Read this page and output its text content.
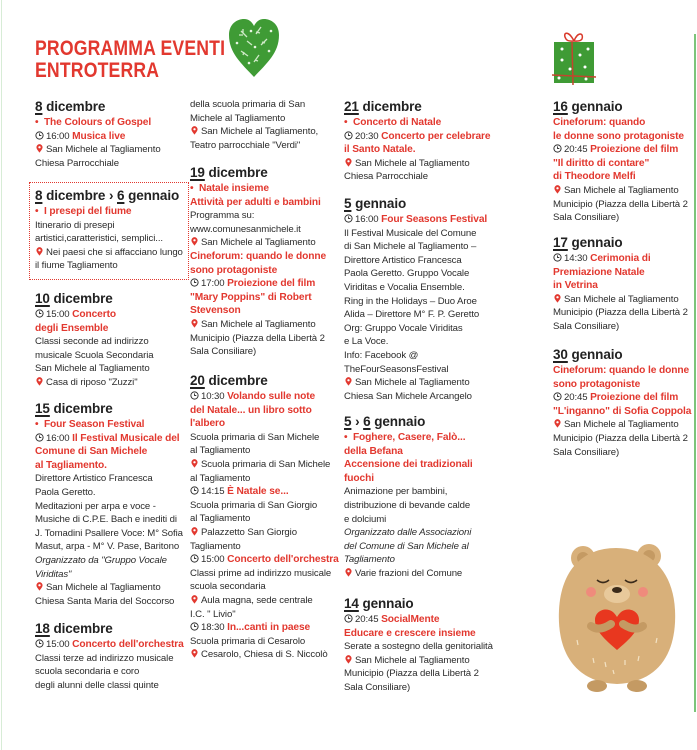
PROGRAMMA EVENTI
ENTROTERRA
8 dicembre
•  The Colours of Gospel
16:00 Musica live
San Michele al Tagliamento
Chiesa Parrocchiale
8 dicembre › 6 gennaio
•  I presepi del fiume
Itinerario di presepi
artistici,caratteristici, semplici...
Nei paesi che si affacciano lungo
il fiume Tagliamento
10 dicembre
15:00 Concerto
degli Ensemble
Classi seconde ad indirizzo
musicale Scuola Secondaria
San Michele al Tagliamento
Casa di riposo "Zuzzi"
15 dicembre
•  Four Season Festival
16:00 Il Festival Musicale del
Comune di San Michele
al Tagliamento.
Direttore Artistico Francesca
Paola Geretto.
Meditazioni per arpa e voce -
Musiche di C.P.E. Bach e inediti di
J. Tomadini Psallere Voce: M° Sofia
Masut, arpa - M° V. Pase, Baritono
Organizzato da "Gruppo Vocale
Viriditas"
San Michele al Tagliamento
Chiesa Santa Maria del Soccorso
18 dicembre
15:00 Concerto dell'orchestra
Classi terze ad indirizzo musicale
scuola secondaria e coro
degli alunni delle classi quinte
della scuola primaria di San
Michele al Tagliamento
San Michele al Tagliamento,
Teatro parrocchiale "Verdi"
19 dicembre
•  Natale insieme
Attività per adulti e bambini
Programma su:
www.comunesanmichele.it
San Michele al Tagliamento
Cineforum: quando le donne
sono protagoniste
17:00 Proiezione del film
"Mary Poppins" di Robert
Stevenson
San Michele al Tagliamento
Municipio (Piazza della Libertà 2
Sala Consiliare)
20 dicembre
10:30 Volando sulle note
del Natale... un libro sotto
l'albero
Scuola primaria di San Michele
al Tagliamento
Scuola primaria di San Michele
al Tagliamento
14:15 È Natale se...
Scuola primaria di San Giorgio
al Tagliamento
Palazzetto San Giorgio
Tagliamento
15:00 Concerto dell'orchestra
Classi prime ad indirizzo musicale
scuola secondaria
Aula magna, sede centrale
I.C. " Livio"
18:30 In...canti in paese
Scuola primaria di Cesarolo
Cesarolo, Chiesa di S. Niccolò
21 dicembre
•  Concerto di Natale
20:30 Concerto per celebrare
il Santo Natale.
San Michele al Tagliamento
Chiesa Parrocchiale
5 gennaio
16:00 Four Seasons Festival
Il Festival Musicale del Comune
di San Michele al Tagliamento –
Direttore Artistico Francesca
Paola Geretto. Gruppo Vocale
Viriditas e Vocalia Ensemble.
Ring in the Holidays – Duo Aroe
Alida – Direttore M° F. P. Geretto
Org: Gruppo Vocale Viriditas
e La Voce.
Info: Facebook @
TheFourSeasonsFestival
San Michele al Tagliamento
Chiesa San Michele Arcangelo
5 › 6 gennaio
•  Foghere, Casere, Falò...
della Befana
Accensione dei tradizionali
fuochi
Animazione per bambini,
distribuzione di bevande calde
e dolciumi
Organizzato dalle Associazioni
del Comune di San Michele al
Tagliamento
Varie frazioni del Comune
14 gennaio
20:45 SocialMente
Educare e crescere insieme
Serate a sostegno della genitorialità
San Michele al Tagliamento
Municipio (Piazza della Libertà 2
Sala Consiliare)
16 gennaio
Cineforum: quando
le donne sono protagoniste
20:45 Proiezione del film
"Il diritto di contare"
di Theodore Melfi
San Michele al Tagliamento
Municipio (Piazza della Libertà 2
Sala Consiliare)
17 gennaio
14:30 Cerimonia di
Premiazione Natale
in Vetrina
San Michele al Tagliamento
Municipio (Piazza della Libertà 2
Sala Consiliare)
30 gennaio
Cineforum: quando le donne
sono protagoniste
20:45 Proiezione del film
"L'inganno" di Sofia Coppola
San Michele al Tagliamento
Municipio (Piazza della Libertà 2
Sala Consiliare)
